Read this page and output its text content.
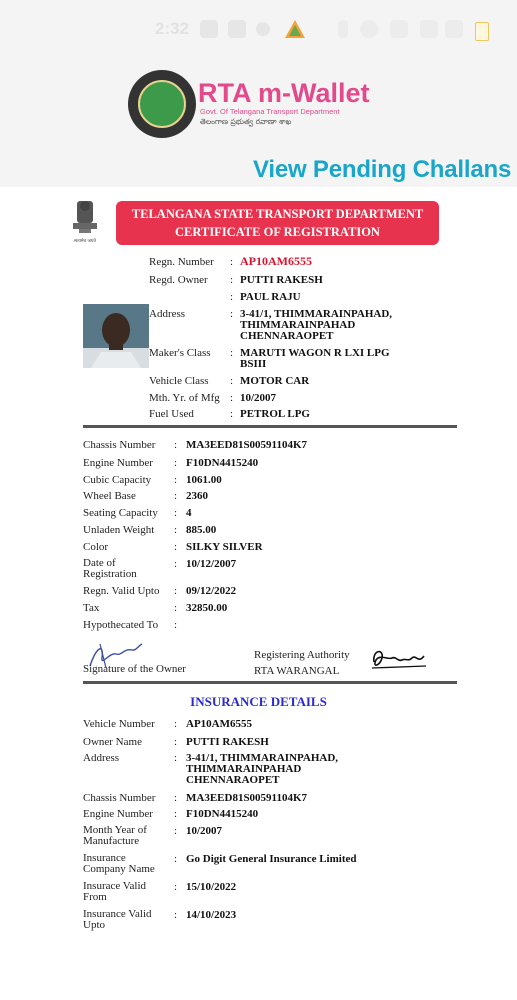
2:32
RTA m-Wallet
Govt. Of Telangana Transport Department
తెలంగాణ ప్రభుత్వ రవాణా శాఖ
View Pending Challans
सत्यमेव जयते
TELANGANA STATE TRANSPORT DEPARTMENT
CERTIFICATE OF REGISTRATION
Regn. Number : AP10AM6555
Regd. Owner : PUTTI RAKESH
: PAUL RAJU
Address	: 3-41/1, THIMMARAINPAHAD, THIMMARAINPAHAD CHENNARAOPET
Maker's Class : MARUTI WAGON R LXI LPG BSIII
Vehicle Class : MOTOR CAR
Mth. Yr. of Mfg : 10/2007
Fuel Used	: PETROL LPG
Chassis Number : MA3EED81S00591104K7
Engine Number : F10DN4415240
Cubic Capacity : 1061.00
Wheel Base	: 2360
Seating Capacity : 4
Unladen Weight : 885.00
Color	: SILKY SILVER
Date of Registration
: 10/12/2007
Regn. Valid Upto : 09/12/2022
Tax	: 32850.00
Hypothecated To :
Signature of the Owner
Registering Authority
RTA WARANGAL
INSURANCE DETAILS
Vehicle Number : AP10AM6555
Owner Name	: PUTTI RAKESH
Address	: 3-41/1, THIMMARAINPAHAD, THIMMARAINPAHAD CHENNARAOPET
Chassis Number : MA3EED81S00591104K7
Engine Number : F10DN4415240
Month Year of Manufacture
: 10/2007
Insurance Company Name
: Go Digit General Insurance Limited
Insurace Valid From
: 15/10/2022
Insurance Valid Upto
: 14/10/2023
